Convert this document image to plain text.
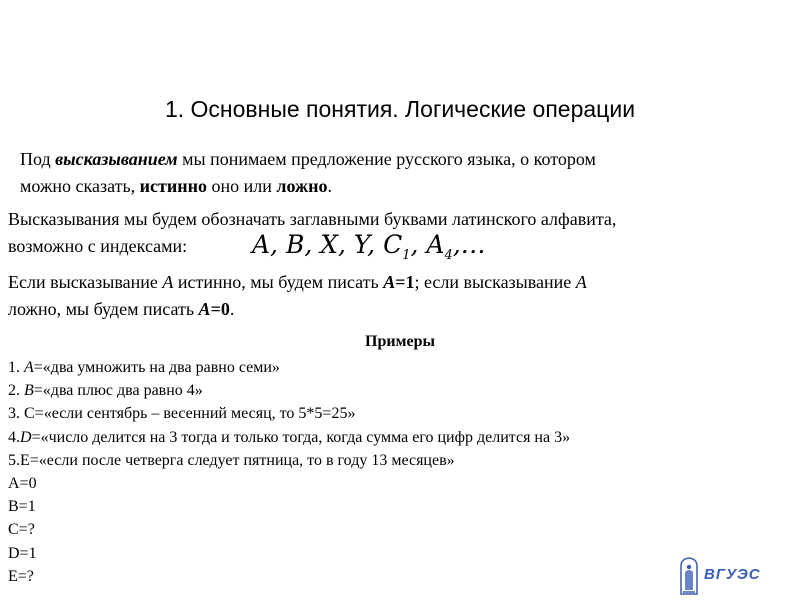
1. Основные понятия. Логические операции
Под высказыванием мы понимаем предложение русского языка, о котором
можно сказать, истинно оно или ложно.
Высказывания мы будем обозначать заглавными буквами латинского алфавита,
возможно с индексами:	A, B, X, Y, $C_1$, $A_4,\dots$
Если высказывание A истинно, мы будем писать A=1; если высказывание A
ложно, мы будем писать A=0.
Примеры
1. A=«два умножить на два равно семи»
2. B=«два плюс два равно 4»
3. C=«если сентябрь – весенний месяц, то 5*5=25»
4.D=«число делится на 3 тогда и только тогда, когда сумма его цифр делится на 3»
5.E=«если после четверга следует пятница, то в году 13 месяцев»
A=0
B=1
C=?
D=1
E=?	ВГУЭС
